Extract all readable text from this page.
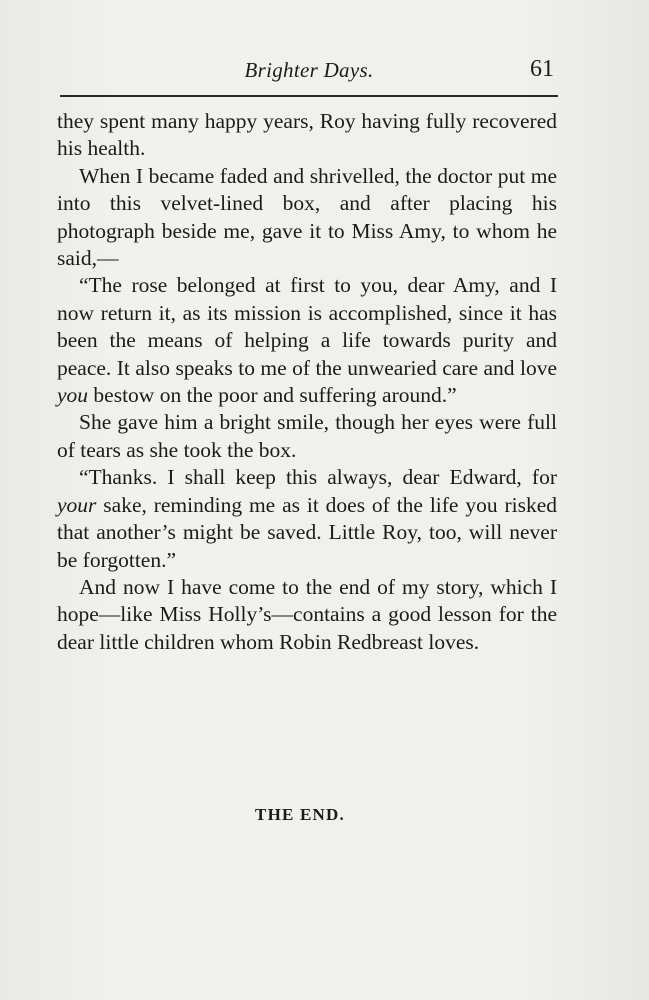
Brighter Days.	61

they spent many happy years, Roy having fully recovered his health.

When I became faded and shrivelled, the doctor put me into this velvet-lined box, and after placing his photograph beside me, gave it to Miss Amy, to whom he said,—

“The rose belonged at first to you, dear Amy, and I now return it, as its mission is accomplished, since it has been the means of helping a life towards purity and peace. It also speaks to me of the unwearied care and love you bestow on the poor and suffering around.”

She gave him a bright smile, though her eyes were full of tears as she took the box.

“Thanks. I shall keep this always, dear Edward, for your sake, reminding me as it does of the life you risked that another’s might be saved. Little Roy, too, will never be forgotten.”

And now I have come to the end of my story, which I hope—like Miss Holly’s—contains a good lesson for the dear little children whom Robin Redbreast loves.

THE END.
